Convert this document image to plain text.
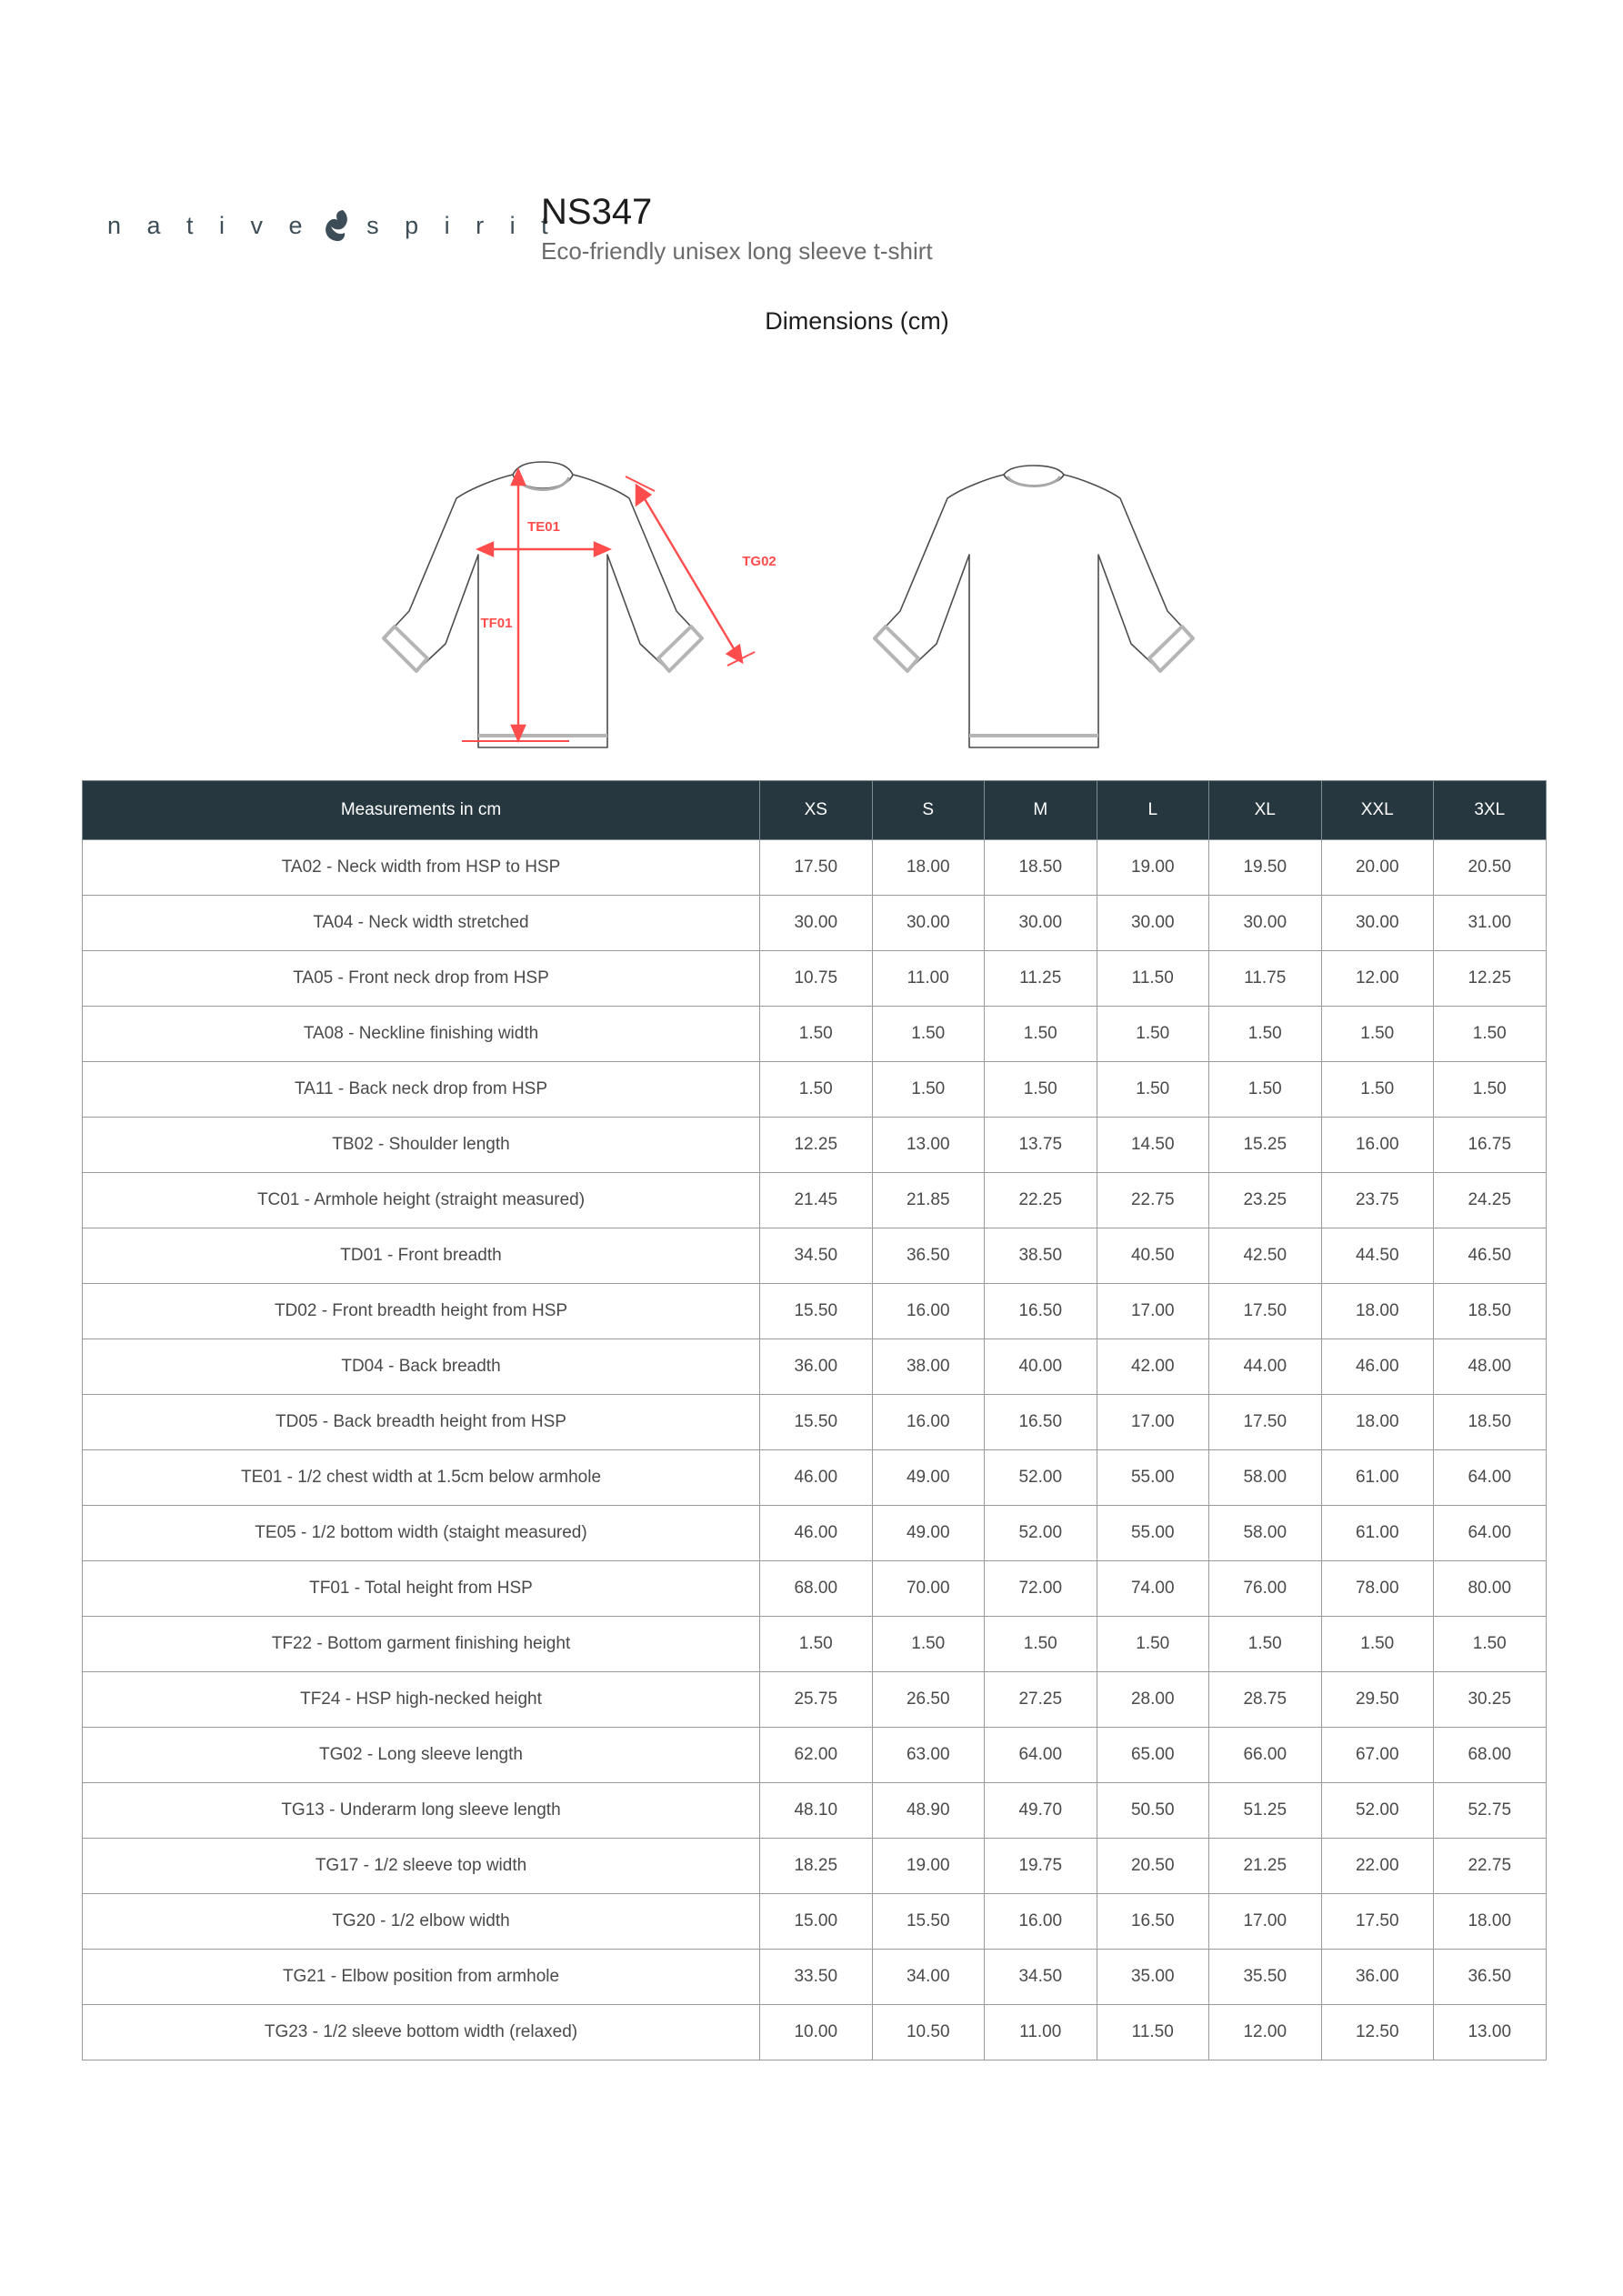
n a t i v e s p i r i t
NS347
Eco-friendly unisex long sleeve t-shirt
Dimensions (cm)
TE01
TF01
TG02
Measurements in cm	XS	S	M	L	XL	XXL	3XL
TA02 - Neck width from HSP to HSP	17.50	18.00	18.50	19.00	19.50	20.00	20.50
TA04 - Neck width stretched	30.00	30.00	30.00	30.00	30.00	30.00	31.00
TA05 - Front neck drop from HSP	10.75	11.00	11.25	11.50	11.75	12.00	12.25
TA08 - Neckline finishing width	1.50	1.50	1.50	1.50	1.50	1.50	1.50
TA11 - Back neck drop from HSP	1.50	1.50	1.50	1.50	1.50	1.50	1.50
TB02 - Shoulder length	12.25	13.00	13.75	14.50	15.25	16.00	16.75
TC01 - Armhole height (straight measured)	21.45	21.85	22.25	22.75	23.25	23.75	24.25
TD01 - Front breadth	34.50	36.50	38.50	40.50	42.50	44.50	46.50
TD02 - Front breadth height from HSP	15.50	16.00	16.50	17.00	17.50	18.00	18.50
TD04 - Back breadth	36.00	38.00	40.00	42.00	44.00	46.00	48.00
TD05 - Back breadth height from HSP	15.50	16.00	16.50	17.00	17.50	18.00	18.50
TE01 - 1/2 chest width at 1.5cm below armhole	46.00	49.00	52.00	55.00	58.00	61.00	64.00
TE05 - 1/2 bottom width (staight measured)	46.00	49.00	52.00	55.00	58.00	61.00	64.00
TF01 - Total height from HSP	68.00	70.00	72.00	74.00	76.00	78.00	80.00
TF22 - Bottom garment finishing height	1.50	1.50	1.50	1.50	1.50	1.50	1.50
TF24 - HSP high-necked height	25.75	26.50	27.25	28.00	28.75	29.50	30.25
TG02 - Long sleeve length	62.00	63.00	64.00	65.00	66.00	67.00	68.00
TG13 - Underarm long sleeve length	48.10	48.90	49.70	50.50	51.25	52.00	52.75
TG17 - 1/2 sleeve top width	18.25	19.00	19.75	20.50	21.25	22.00	22.75
TG20 - 1/2 elbow width	15.00	15.50	16.00	16.50	17.00	17.50	18.00
TG21 - Elbow position from armhole	33.50	34.00	34.50	35.00	35.50	36.00	36.50
TG23 - 1/2 sleeve bottom width (relaxed)	10.00	10.50	11.00	11.50	12.00	12.50	13.00
